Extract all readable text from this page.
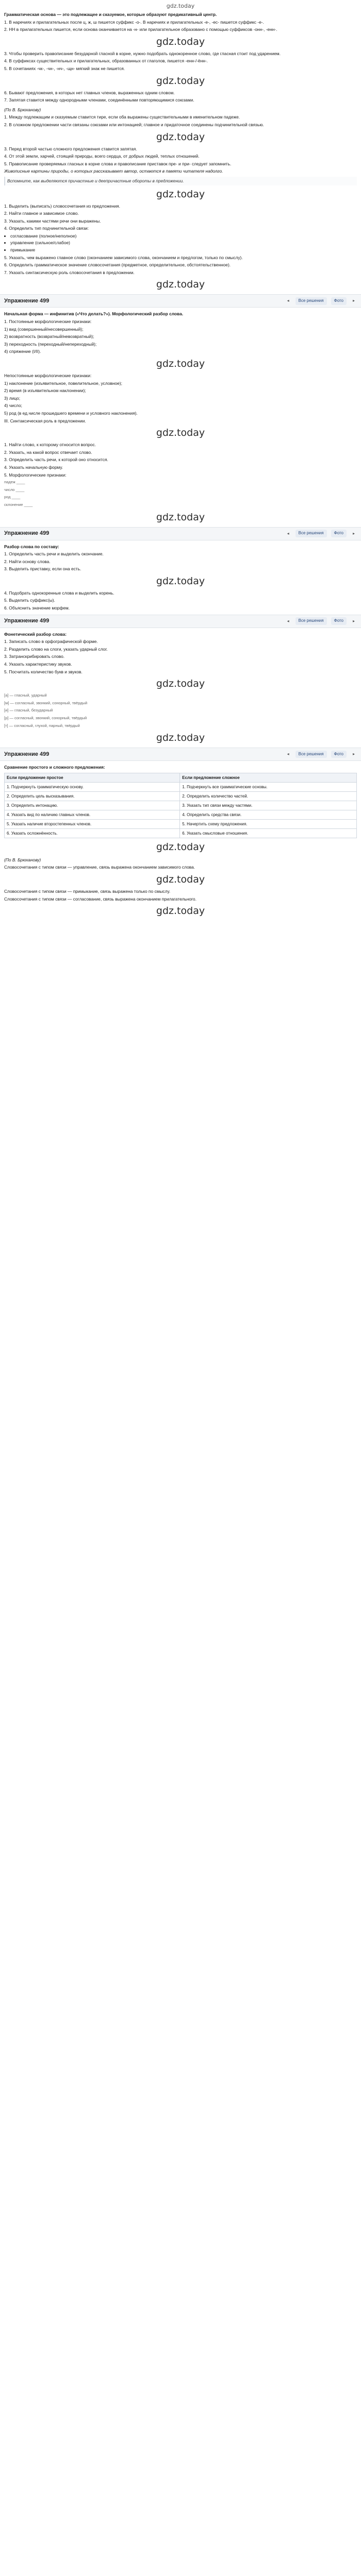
gdz.today
Грамматическая основа — это подлежащее и сказуемое, которые образуют предикативный центр.
1. В наречиях и прилагательных после ц, ж, ш пишется суффикс -о-. В наречиях и прилагательных -е-, -ес- пишется суффикс -е-.
2. НН в прилагательных пишется, если основа оканчивается на -н- или прилагательное образовано с помощью суффиксов -онн-, -енн-.
gdz.today
3. Чтобы проверить правописание безударной гласной в корне, нужно подобрать однокоренное слово, где гласная стоит под ударением.
4. В суффиксах существительных и прилагательных, образованных от глаголов, пишется -енн-/-ённ-.
5. В сочетаниях -чк-, -чн-, -нч-, -щн- мягкий знак не пишется.
gdz.today
6. Бывают предложения, в которых нет главных членов, выраженных одним словом.
7. Запятая ставится между однородными членами, соединёнными повторяющимися союзами.
(По В. Брюханову)
1. Между подлежащим и сказуемым ставится тире, если оба выражены существительными в именительном падеже.
2. В сложном предложении части связаны союзами или интонацией; главное и придаточное соединены подчинительной связью.
gdz.today
3. Перед второй частью сложного предложения ставится запятая.
4. От этой земли, харчей, стоящей природы, всего сердца, от добрых людей, теплых отношений.
5. Правописание проверяемых гласных в корне слова и правописание приставок пре- и при- следует запомнить.
Живописные картины природы, о которых рассказывает автор, остаются в памяти читателя надолго.
Вспомните, как выделяются причастные и деепричастные обороты в предложении.
gdz.today
1. Выделить (выписать) словосочетания из предложения.
2. Найти главное и зависимое слово.
3. Указать, какими частями речи они выражены.
4. Определить тип подчинительной связи:
• согласование (полное/неполное)
• управление (сильное/слабое)
• примыкание
5. Указать, чем выражено главное слово (окончанием зависимого слова, окончанием и предлогом, только по смыслу).
6. Определить грамматическое значение словосочетания (предметное, определительное, обстоятельственное).
7. Указать синтаксическую роль словосочетания в предложении.
gdz.today
Упражнение 499	◂	Все решения	Фото	▸
Начальная форма — инфинитив («Что делать?»). Морфологический разбор слова.
1. Постоянные морфологические признаки:
1) вид (совершенный/несовершенный);
2) возвратность (возвратный/невозвратный);
3) переходность (переходный/непереходный);
4) спряжение (I/II).
gdz.today
Непостоянные морфологические признаки:
1) наклонение (изъявительное, повелительное, условное);
2) время (в изъявительном наклонении);
3) лицо;
4) число;
5) род (в ед.числе прошедшего времени и условного наклонения).
III. Синтаксическая роль в предложении.
gdz.today
1. Найти слово, к которому относится вопрос.
2. Указать, на какой вопрос отвечает слово.
3. Определить часть речи, к которой оно относится.
4. Указать начальную форму.
5. Морфологические признаки:
падеж ____
число ____
род ____
склонение ____
gdz.today
Упражнение 499	◂	Все решения	Фото	▸
Разбор слова по составу:
1. Определить часть речи и выделить окончание.
2. Найти основу слова.
3. Выделить приставку, если она есть.
gdz.today
4. Подобрать однокоренные слова и выделить корень.
5. Выделить суффикс(ы).
6. Объяснить значение морфем.
Упражнение 499	◂	Все решения	Фото	▸
Фонетический разбор слова:
1. Записать слово в орфографической форме.
2. Разделить слово на слоги, указать ударный слог.
3. Затранскрибировать слово.
4. Указать характеристику звуков.
5. Посчитать количество букв и звуков.
gdz.today
[а] — гласный, ударный
[м] — согласный, звонкий, сонорный, твёрдый
[и] — гласный, безударный
[р] — согласный, звонкий, сонорный, твёрдый
[т] — согласный, глухой, парный, твёрдый
gdz.today
Упражнение 499	◂	Все решения	Фото	▸
Сравнение простого и сложного предложения:
Если предложение простое	Если предложение сложное
1. Подчеркнуть грамматическую основу.	1. Подчеркнуть все грамматические основы.
2. Определить цель высказывания.	2. Определить количество частей.
3. Определить интонацию.	3. Указать тип связи между частями.
4. Указать вид по наличию главных членов.	4. Определить средства связи.
5. Указать наличие второстепенных членов.	5. Начертить схему предложения.
6. Указать осложнённость.	6. Указать смысловые отношения.
gdz.today
(По В. Брюханову)
Словосочетания с типом связи — управление, связь выражена окончанием зависимого слова.
gdz.today
Словосочетания с типом связи — примыкание, связь выражена только по смыслу.
Словосочетания с типом связи — согласование, связь выражена окончанием прилагательного.
gdz.today
